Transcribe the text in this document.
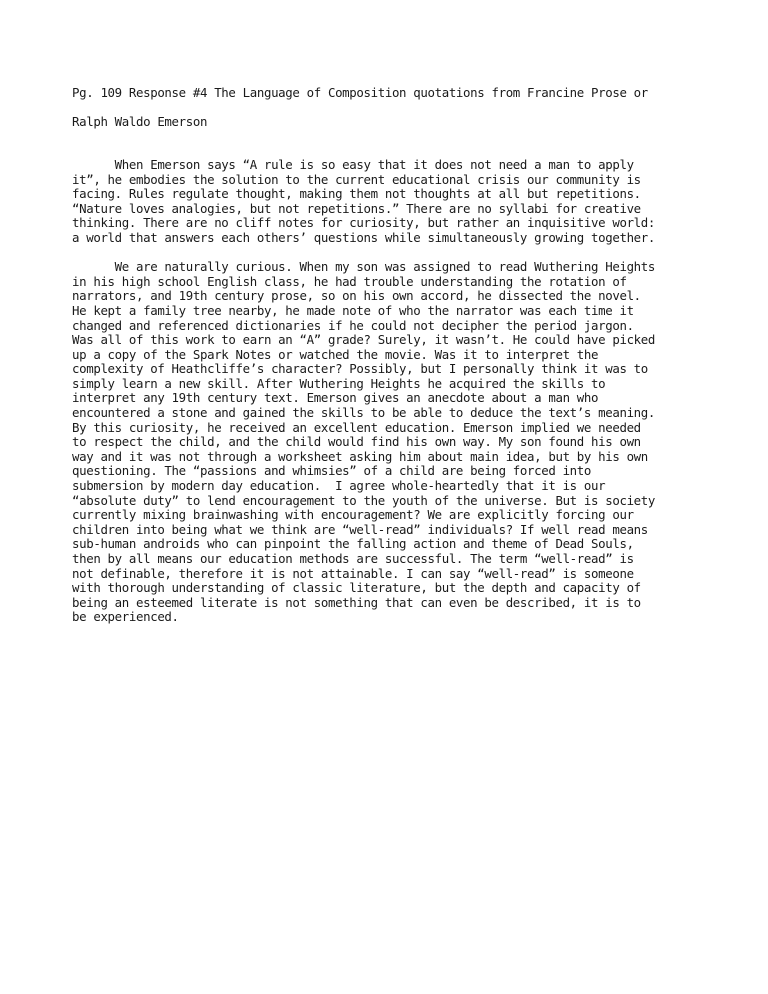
Pg. 109 Response #4 The Language of Composition quotations from Francine Prose or

Ralph Waldo Emerson

When Emerson says “A rule is so easy that it does not need a man to apply
it”, he embodies the solution to the current educational crisis our community is
facing. Rules regulate thought, making them not thoughts at all but repetitions.
“Nature loves analogies, but not repetitions.” There are no syllabi for creative
thinking. There are no cliff notes for curiosity, but rather an inquisitive world:
a world that answers each others’ questions while simultaneously growing together.
We are naturally curious. When my son was assigned to read Wuthering Heights
in his high school English class, he had trouble understanding the rotation of
narrators, and 19th century prose, so on his own accord, he dissected the novel.
He kept a family tree nearby, he made note of who the narrator was each time it
changed and referenced dictionaries if he could not decipher the period jargon.
Was all of this work to earn an “A” grade? Surely, it wasn’t. He could have picked
up a copy of the Spark Notes or watched the movie. Was it to interpret the
complexity of Heathcliffe’s character? Possibly, but I personally think it was to
simply learn a new skill. After Wuthering Heights he acquired the skills to
interpret any 19th century text. Emerson gives an anecdote about a man who
encountered a stone and gained the skills to be able to deduce the text’s meaning.
By this curiosity, he received an excellent education. Emerson implied we needed
to respect the child, and the child would find his own way. My son found his own
way and it was not through a worksheet asking him about main idea, but by his own
questioning. The “passions and whimsies” of a child are being forced into
submersion by modern day education.  I agree whole-heartedly that it is our
“absolute duty” to lend encouragement to the youth of the universe. But is society
currently mixing brainwashing with encouragement? We are explicitly forcing our
children into being what we think are “well-read” individuals? If well read means
sub-human androids who can pinpoint the falling action and theme of Dead Souls,
then by all means our education methods are successful. The term “well-read” is
not definable, therefore it is not attainable. I can say “well-read” is someone
with thorough understanding of classic literature, but the depth and capacity of
being an esteemed literate is not something that can even be described, it is to
be experienced.
